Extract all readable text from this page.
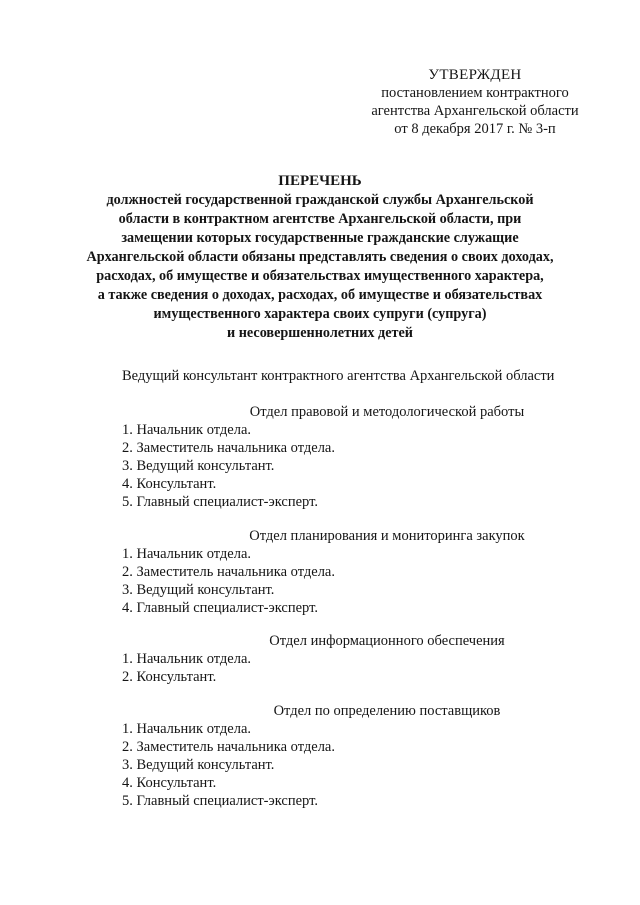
УТВЕРЖДЕН
постановлением контрактного
агентства Архангельской области
от 8 декабря 2017 г. № 3-п
ПЕРЕЧЕНЬ
должностей государственной гражданской службы Архангельской
области в контрактном агентстве Архангельской области, при
замещении которых государственные гражданские служащие
Архангельской области обязаны представлять сведения о своих доходах,
расходах, об имуществе и обязательствах имущественного характера,
а также сведения о доходах, расходах, об имуществе и обязательствах
имущественного характера своих супруги (супруга)
и несовершеннолетних детей
Ведущий консультант контрактного агентства Архангельской области
Отдел правовой и методологической работы
1. Начальник отдела.
2. Заместитель начальника отдела.
3. Ведущий консультант.
4. Консультант.
5. Главный специалист-эксперт.
Отдел планирования и мониторинга закупок
1. Начальник отдела.
2. Заместитель начальника отдела.
3. Ведущий консультант.
4. Главный специалист-эксперт.
Отдел информационного обеспечения
1. Начальник отдела.
2. Консультант.
Отдел по определению поставщиков
1. Начальник отдела.
2. Заместитель начальника отдела.
3. Ведущий консультант.
4. Консультант.
5. Главный специалист-эксперт.
